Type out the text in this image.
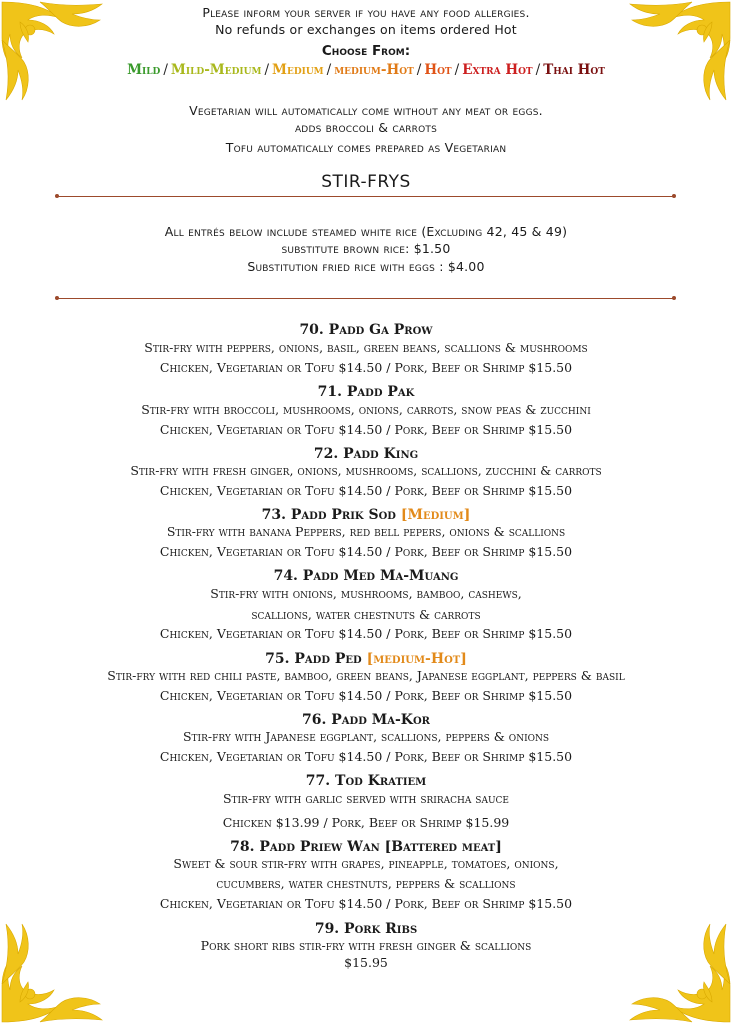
Please inform your server if you have any food allergies.
No refunds or exchanges on items ordered Hot
Choose From:
Mild / Mild-Medium / Medium / medium-Hot / Hot / Extra Hot / Thai Hot
Vegetarian will automatically come without any meat or eggs.
adds broccoli & carrots
Tofu automatically comes prepared as Vegetarian
STIR-FRYS
All entrés below include steamed white rice (Excluding 42, 45 & 49)
substitute brown rice: $1.50
Substitution fried rice with eggs : $4.00
70. Padd Ga Prow
Stir-fry with peppers, onions, basil, green beans, scallions & mushrooms
Chicken, Vegetarian or Tofu $14.50 / Pork, Beef or Shrimp $15.50
71. Padd Pak
Stir-fry with broccoli, mushrooms, onions, carrots, snow peas & zucchini
Chicken, Vegetarian or Tofu $14.50 / Pork, Beef or Shrimp $15.50
72. Padd King
Stir-fry with fresh ginger, onions, mushrooms, scallions, zucchini & carrots
Chicken, Vegetarian or Tofu $14.50 / Pork, Beef or Shrimp $15.50
73. Padd Prik Sod [Medium]
Stir-fry with banana Peppers, red bell pepers, onions & scallions
Chicken, Vegetarian or Tofu $14.50 / Pork, Beef or Shrimp $15.50
74. Padd Med Ma-Muang
Stir-fry with onions, mushrooms, bamboo, cashews,
scallions, water chestnuts & carrots
Chicken, Vegetarian or Tofu $14.50 / Pork, Beef or Shrimp $15.50
75. Padd Ped [medium-Hot]
Stir-fry with red chili paste, bamboo, green beans, Japanese eggplant, peppers & basil
Chicken, Vegetarian or Tofu $14.50 / Pork, Beef or Shrimp $15.50
76. Padd Ma-Kor
Stir-fry with Japanese eggplant, scallions, peppers & onions
Chicken, Vegetarian or Tofu $14.50 / Pork, Beef or Shrimp $15.50
77. Tod Kratiem
Stir-fry with garlic served with sriracha sauce
Chicken $13.99 / Pork, Beef or Shrimp $15.99
78. Padd Priew Wan [Battered meat]
Sweet & sour stir-fry with grapes, pineapple, tomatoes, onions,
cucumbers, water chestnuts, peppers & scallions
Chicken, Vegetarian or Tofu $14.50 / Pork, Beef or Shrimp $15.50
79. Pork Ribs
Pork short ribs stir-fry with fresh ginger & scallions
$15.95
